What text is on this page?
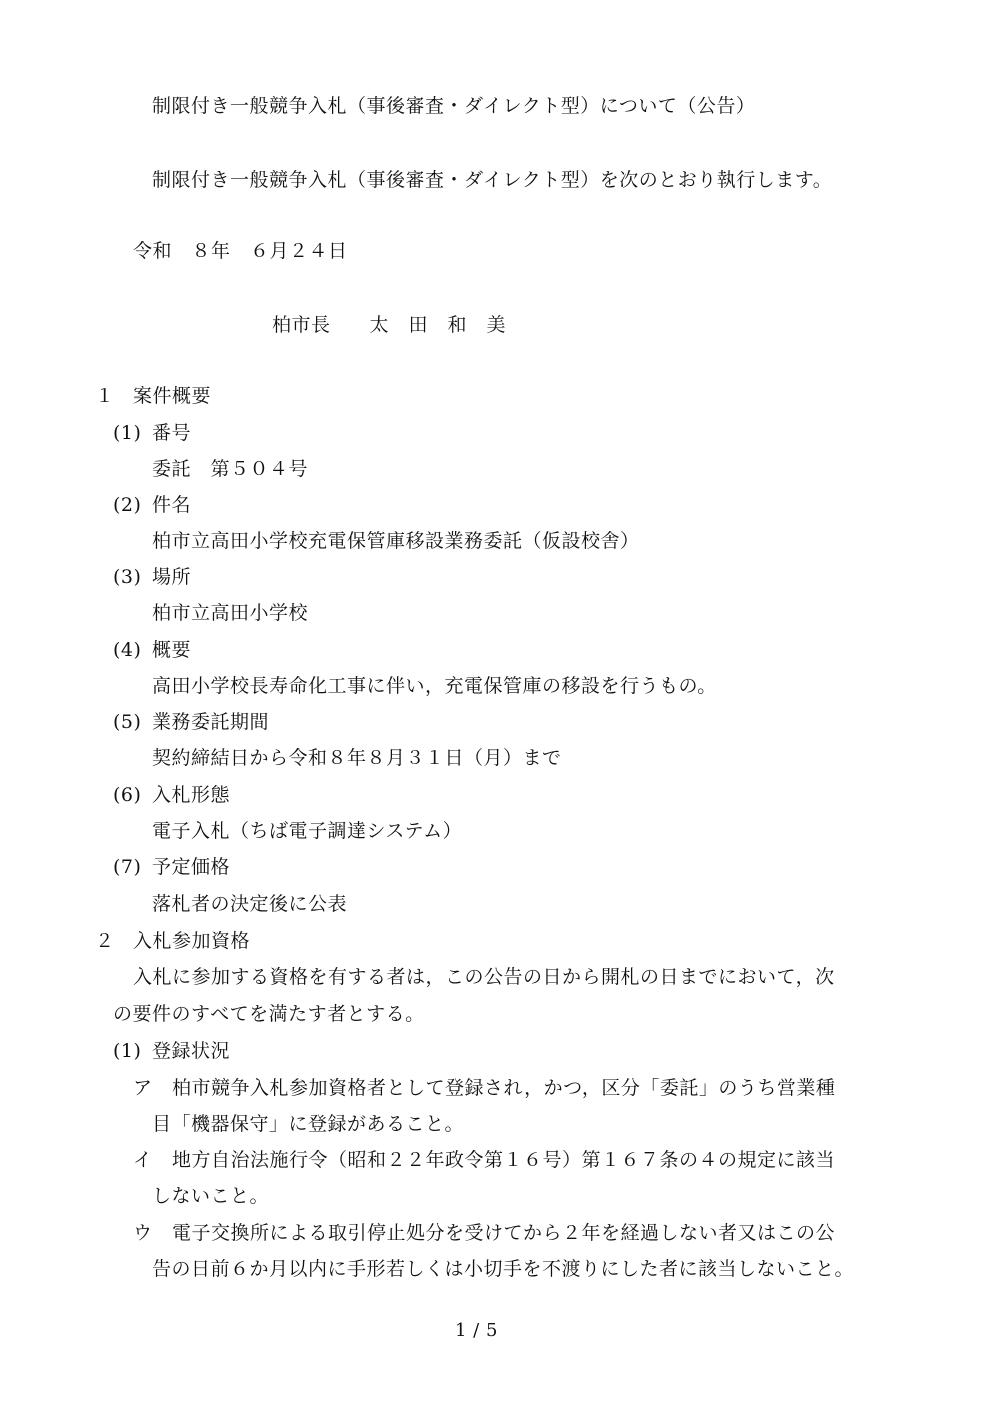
制限付き一般競争入札（事後審査・ダイレクト型）について（公告）
制限付き一般競争入札（事後審査・ダイレクト型）を次のとおり執行します。
令和　８年　６月２４日
柏市長　　太　田　和　美
１ 案件概要
(1) 番号
委託　第５０４号
(2) 件名
柏市立高田小学校充電保管庫移設業務委託（仮設校舎）
(3) 場所
柏市立高田小学校
(4) 概要
高田小学校長寿命化工事に伴い，充電保管庫の移設を行うもの。
(5) 業務委託期間
契約締結日から令和８年８月３１日（月）まで
(6) 入札形態
電子入札（ちば電子調達システム）
(7) 予定価格
落札者の決定後に公表
２ 入札参加資格
入札に参加する資格を有する者は，この公告の日から開札の日までにおいて，次
の要件のすべてを満たす者とする。
(1) 登録状況
ア 柏市競争入札参加資格者として登録され，かつ，区分「委託」のうち営業種
目「機器保守」に登録があること。
イ 地方自治法施行令（昭和２２年政令第１６号）第１６７条の４の規定に該当
しないこと。
ウ 電子交換所による取引停止処分を受けてから２年を経過しない者又はこの公
告の日前６か月以内に手形若しくは小切手を不渡りにした者に該当しないこと。
1 / 5
